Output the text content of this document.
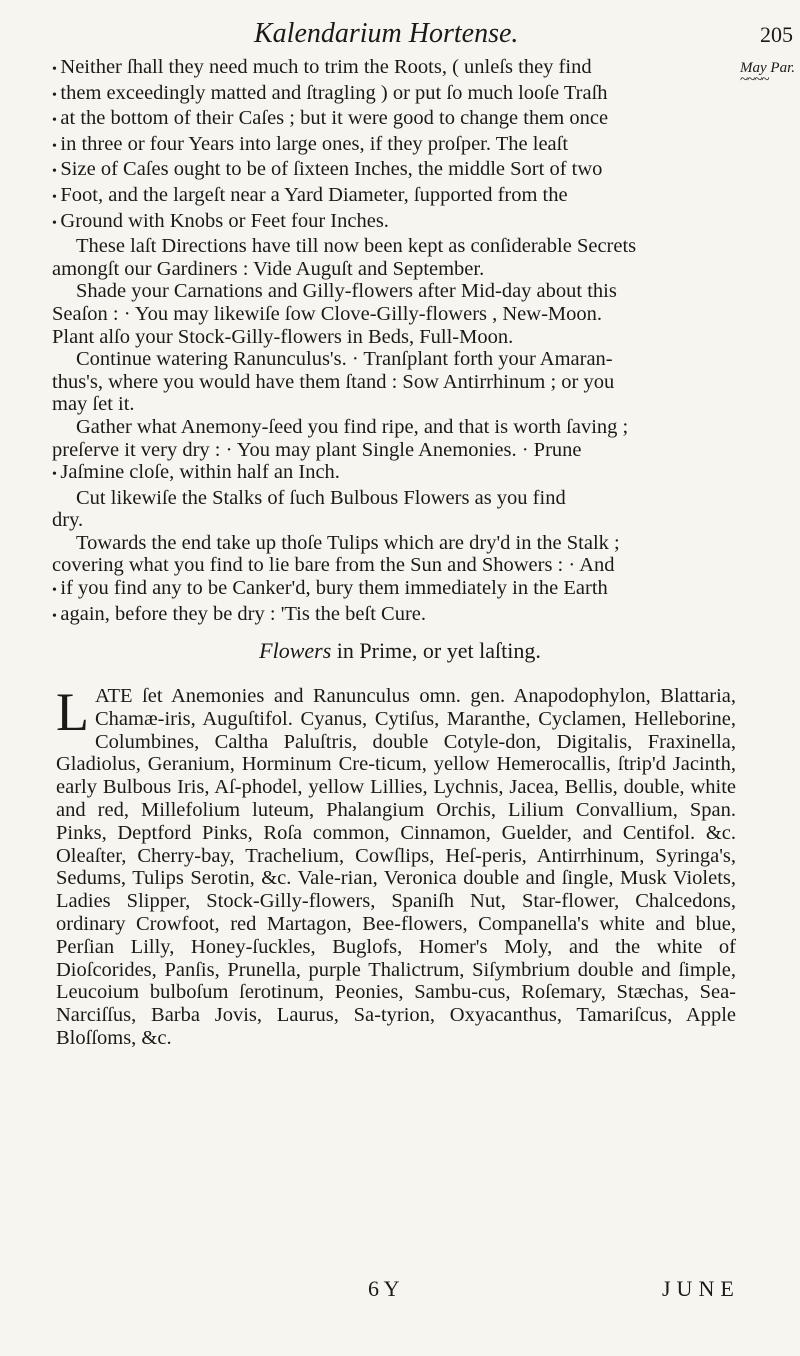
Kalendarium Hortense.	205
May Par.
~~~~
• Neither ſhall they need much to trim the Roots, ( unleſs they find
• them exceedingly matted and ſtragling ) or put ſo much looſe Traſh
• at the bottom of their Caſes ; but it were good to change them once
• in three or four Years into large ones, if they proſper. The leaſt
• Size of Caſes ought to be of ſixteen Inches, the middle Sort of two
• Foot, and the largeſt near a Yard Diameter, ſupported from the
• Ground with Knobs or Feet four Inches.
These laſt Directions have till now been kept as conſiderable Secrets
amongſt our Gardiners : Vide Auguſt and September.
Shade your Carnations and Gilly-flowers after Mid-day about this
Seaſon : · You may likewiſe ſow Clove-Gilly-flowers , New-Moon.
Plant alſo your Stock-Gilly-flowers in Beds, Full-Moon.
Continue watering Ranunculus's. · Tranſplant forth your Amaran-
thus's, where you would have them ſtand : Sow Antirrhinum ; or you
may ſet it.
Gather what Anemony-ſeed you find ripe, and that is worth ſaving ;
preſerve it very dry : · You may plant Single Anemonies. · Prune
• Jaſmine cloſe, within half an Inch.
Cut likewiſe the Stalks of ſuch Bulbous Flowers as you find
dry.
Towards the end take up thoſe Tulips which are dry'd in the Stalk ;
covering what you find to lie bare from the Sun and Showers : · And
• if you find any to be Canker'd, bury them immediately in the Earth
• again, before they be dry : 'Tis the beſt Cure.
Flowers in Prime, or yet laſting.
L ATE ſet Anemonies and Ranunculus omn. gen. Anapodophylon, Blattaria, Chamæ-iris, Auguſtifol. Cyanus, Cytiſus, Maranthe, Cyclamen, Helleborine, Columbines, Caltha Paluſtris, double Cotyle-don, Digitalis, Fraxinella, Gladiolus, Geranium, Horminum Cre-ticum, yellow Hemerocallis, ſtrip'd Jacinth, early Bulbous Iris, Aſ-phodel, yellow Lillies, Lychnis, Jacea, Bellis, double, white and red, Millefolium luteum, Phalangium Orchis, Lilium Convallium, Span. Pinks, Deptford Pinks, Roſa common, Cinnamon, Guelder, and Centifol. &c. Oleaſter, Cherry-bay, Trachelium, Cowſlips, Heſ-peris, Antirrhinum, Syringa's, Sedums, Tulips Serotin, &c. Vale-rian, Veronica double and ſingle, Musk Violets, Ladies Slipper, Stock-Gilly-flowers, Spaniſh Nut, Star-flower, Chalcedons, ordinary Crowfoot, red Martagon, Bee-flowers, Companella's white and blue, Perſian Lilly, Honey-ſuckles, Buglofs, Homer's Moly, and the white of Dioſcorides, Panſis, Prunella, purple Thalictrum, Siſymbrium double and ſimple, Leucoium bulboſum ſerotinum, Peonies, Sambu-cus, Roſemary, Stæchas, Sea-Narciſſus, Barba Jovis, Laurus, Sa-tyrion, Oxyacanthus, Tamariſcus, Apple Bloſſoms, &c.
6 Y	JUNE
